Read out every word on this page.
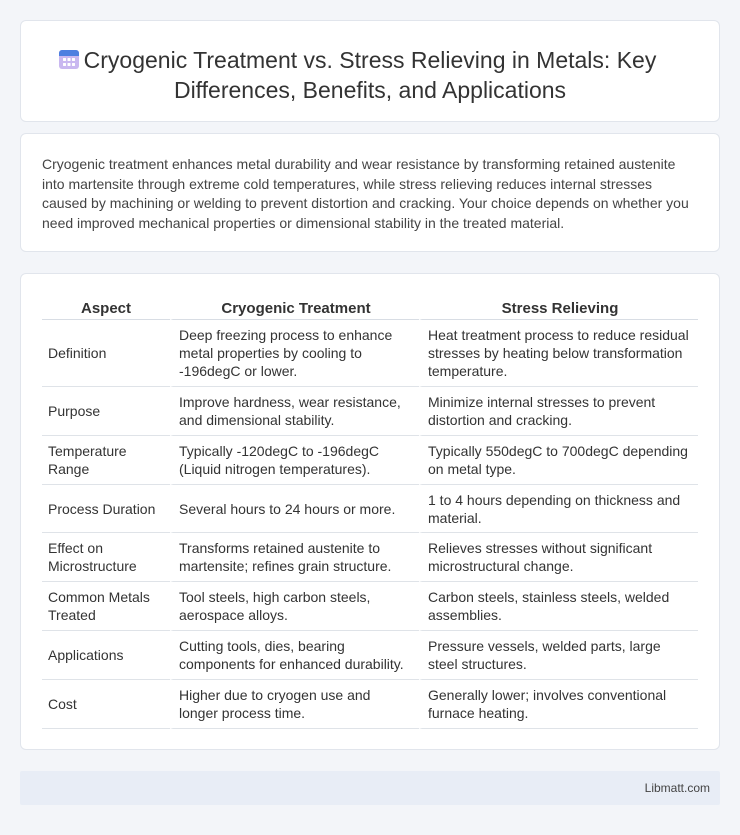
Cryogenic Treatment vs. Stress Relieving in Metals: Key Differences, Benefits, and Applications

Cryogenic treatment enhances metal durability and wear resistance by transforming retained austenite into martensite through extreme cold temperatures, while stress relieving reduces internal stresses caused by machining or welding to prevent distortion and cracking. Your choice depends on whether you need improved mechanical properties or dimensional stability in the treated material.

Aspect	Cryogenic Treatment	Stress Relieving
Definition	Deep freezing process to enhance metal properties by cooling to -196degC or lower.	Heat treatment process to reduce residual stresses by heating below transformation temperature.
Purpose	Improve hardness, wear resistance, and dimensional stability.	Minimize internal stresses to prevent distortion and cracking.
Temperature Range	Typically -120degC to -196degC (Liquid nitrogen temperatures).	Typically 550degC to 700degC depending on metal type.
Process Duration	Several hours to 24 hours or more.	1 to 4 hours depending on thickness and material.
Effect on Microstructure	Transforms retained austenite to martensite; refines grain structure.	Relieves stresses without significant microstructural change.
Common Metals Treated	Tool steels, high carbon steels, aerospace alloys.	Carbon steels, stainless steels, welded assemblies.
Applications	Cutting tools, dies, bearing components for enhanced durability.	Pressure vessels, welded parts, large steel structures.
Cost	Higher due to cryogen use and longer process time.	Generally lower; involves conventional furnace heating.
Libmatt.com
